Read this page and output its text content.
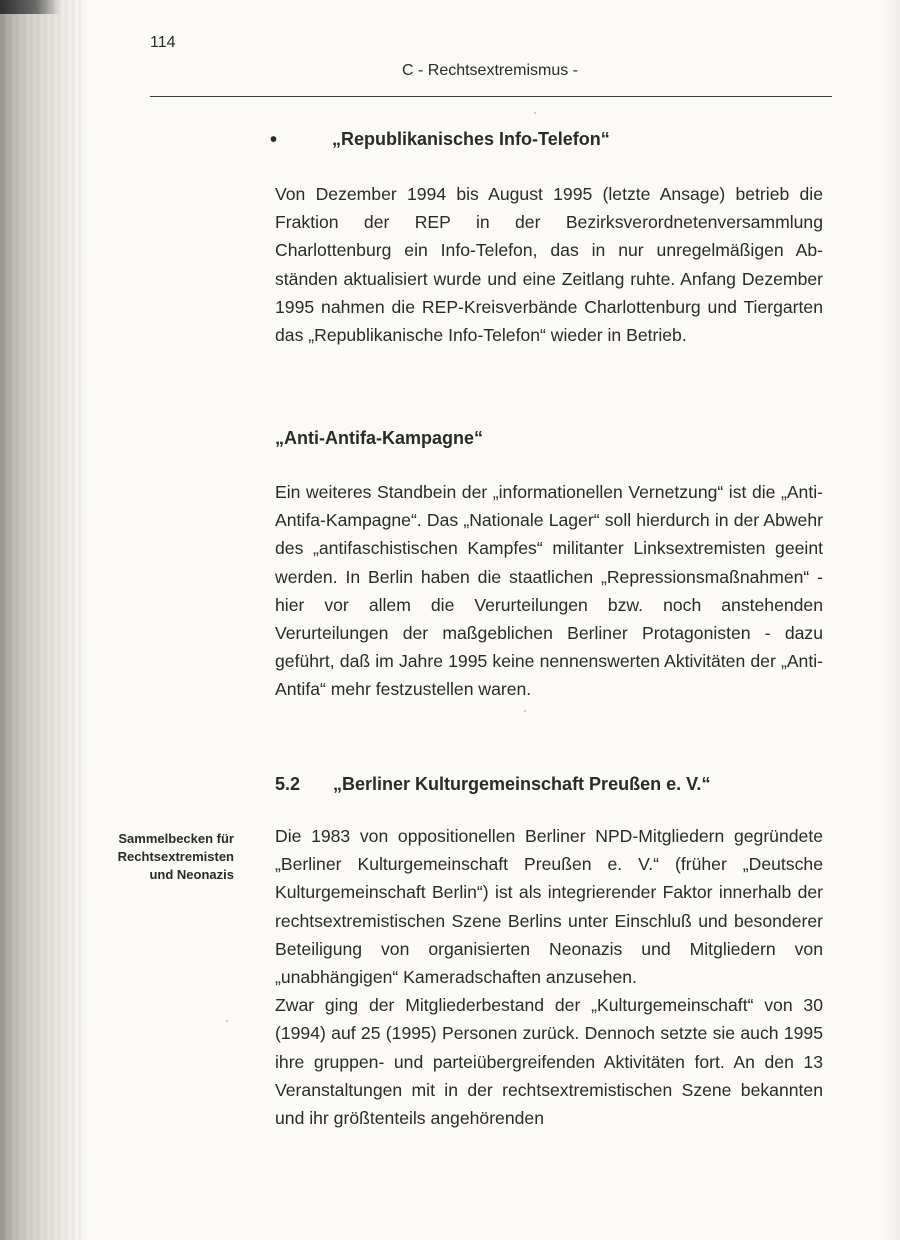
114
C - Rechtsextremismus -
•	„Republikanisches Info-Telefon“

Von Dezember 1994 bis August 1995 (letzte Ansage) betrieb die Fraktion der REP in der Bezirksverordnetenversammlung Charlottenburg ein Info-Telefon, das in nur unregelmäßigen Abständen aktualisiert wurde und eine Zeitlang ruhte. Anfang Dezember 1995 nahmen die REP-Kreisverbände Charlottenburg und Tiergarten das „Republikanische Info-Telefon“ wieder in Betrieb.

„Anti-Antifa-Kampagne“

Ein weiteres Standbein der „informationellen Vernetzung“ ist die „Anti-Antifa-Kampagne“. Das „Nationale Lager“ soll hierdurch in der Abwehr des „antifaschistischen Kampfes“ militanter Linksextremisten geeint werden. In Berlin haben die staatlichen „Repressionsmaßnahmen“ - hier vor allem die Verurteilungen bzw. noch anstehenden Verurteilungen der maßgeblichen Berliner Protagonisten - dazu geführt, daß im Jahre 1995 keine nennenswerten Aktivitäten der „Anti-Antifa“ mehr festzustellen waren.

5.2 „Berliner Kulturgemeinschaft Preußen e. V.“
Sammelbecken für Rechtsextremisten und Neonazis

Die 1983 von oppositionellen Berliner NPD-Mitgliedern gegründete „Berliner Kulturgemeinschaft Preußen e. V.“ (früher „Deutsche Kulturgemeinschaft Berlin“) ist als integrierender Faktor innerhalb der rechtsextremistischen Szene Berlins unter Einschluß und besonderer Beteiligung von organisierten Neonazis und Mitgliedern von „unabhängigen“ Kameradschaften anzusehen.

Zwar ging der Mitgliederbestand der „Kulturgemeinschaft“ von 30 (1994) auf 25 (1995) Personen zurück. Dennoch setzte sie auch 1995 ihre gruppen- und parteiübergreifenden Aktivitäten fort. An den 13 Veranstaltungen mit in der rechtsextremistischen Szene bekannten und ihr größtenteils angehörenden
